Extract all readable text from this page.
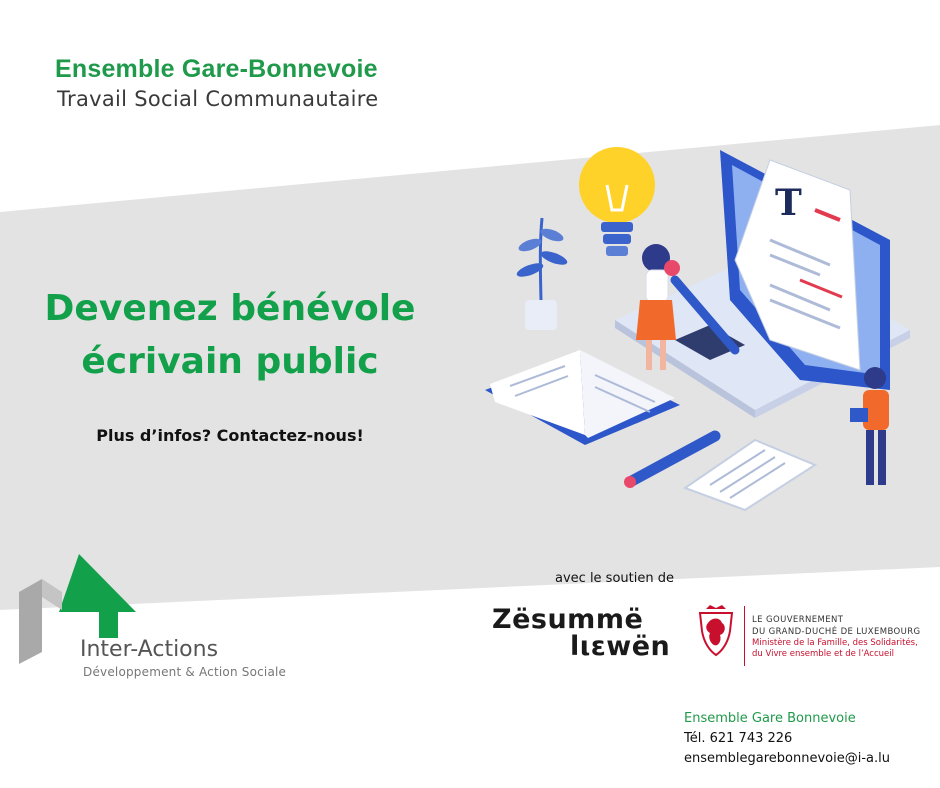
Ensemble Gare-Bonnevoie
Travail Social Communautaire
Devenez bénévole
écrivain public
Plus d’infos? Contactez-nous!
T
Inter-Actions
Développement & Action Sociale
avec le soutien de
Zësummë
lιεwën
LE GOUVERNEMENT
DU GRAND-DUCHÉ DE LUXEMBOURG
Ministère de la Famille, des Solidarités,
du Vivre ensemble et de l’Accueil
Ensemble Gare Bonnevoie
Tél. 621 743 226
ensemblegarebonnevoie@i-a.lu
